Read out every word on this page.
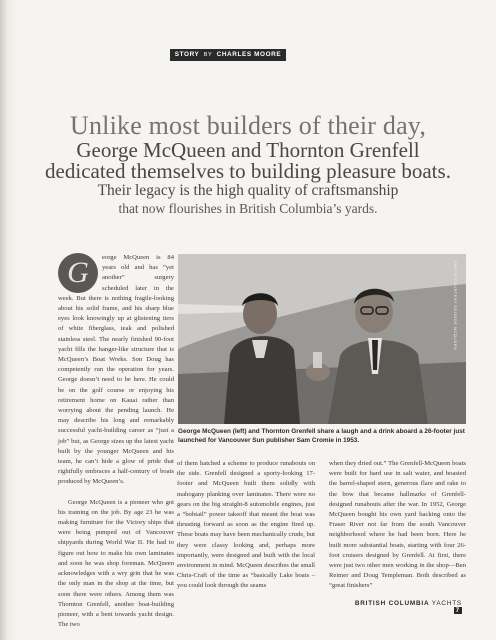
STORY BY CHARLES MOORE
Unlike most builders of their day,
George McQueen and Thornton Grenfell
dedicated themselves to building pleasure boats.
Their legacy is the high quality of craftsmanship
that now flourishes in British Columbia’s yards.
G	eorge McQueen is 84 years old and has “yet another” surgery scheduled later in the week. But there is nothing fragile-looking about his solid frame, and his sharp blue eyes look knowingly up at glistening tiers of white fiberglass, teak and polished stainless steel. The nearly finished 90-foot yacht fills the hanger-like structure that is McQueen’s Boat Works. Son Doug has competently run the operation for years. George doesn’t need to be here. He could be on the golf course or enjoying his retirement home on Kauai rather than worrying about the pending launch. He may describe his long and remarkably successful yacht-building career as “just a job” but, as George sizes up the latest yacht built by the younger McQueen and his team, he can’t hide a glow of pride that rightfully embraces a half-century of boats produced by McQueen’s.

George McQueen is a pioneer who got his training on the job. By age 23 he was making furniture for the Victory ships that were being pumped out of Vancouver shipyards during World War II. He had to figure out how to make his own laminates and soon he was shop foreman. McQueen acknowledges with a wry grin that he was the only man in the shop at the time, but soon there were others. Among them was Thornton Grenfell, another boat-building pioneer, with a bent towards yacht design. The two

PHOTO COURTESY GEORGE MCQUEEN
George McQueen (left) and Thornton Grenfell share a laugh and a drink aboard a 26-footer just launched for Vancouver Sun publisher Sam Cromie in 1953.

of them hatched a scheme to produce runabouts on the side. Grenfell designed a sporty-looking 17-footer and McQueen built them solidly with mahogany planking over laminates. There were no gears on the big straight-8 automobile engines, just a “bobtail” power takeoff that meant the boat was thrusting forward as soon as the engine fired up. These boats may have been mechanically crude, but they were classy looking and, perhaps more importantly, were designed and built with the local environment in mind. McQueen describes the small Chris-Craft of the time as “basically Lake boats – you could look through the seams

when they dried out.” The Grenfell-McQueen boats were built for hard use in salt water, and boasted the barrel-shaped stern, generous flare and rake to the bow that became hallmarks of Grenfell-designed runabouts after the war. In 1952, George McQueen bought his own yard backing onto the Fraser River not far from the south Vancouver neighborhood where he had been born. Here he built more substantial boats, starting with four 26-foot cruisers designed by Grenfell. At first, there were just two other men working in the shop—Ben Reimer and Doug Templeman. Both described as “great finishers”

BRITISH COLUMBIA YACHTS 7
